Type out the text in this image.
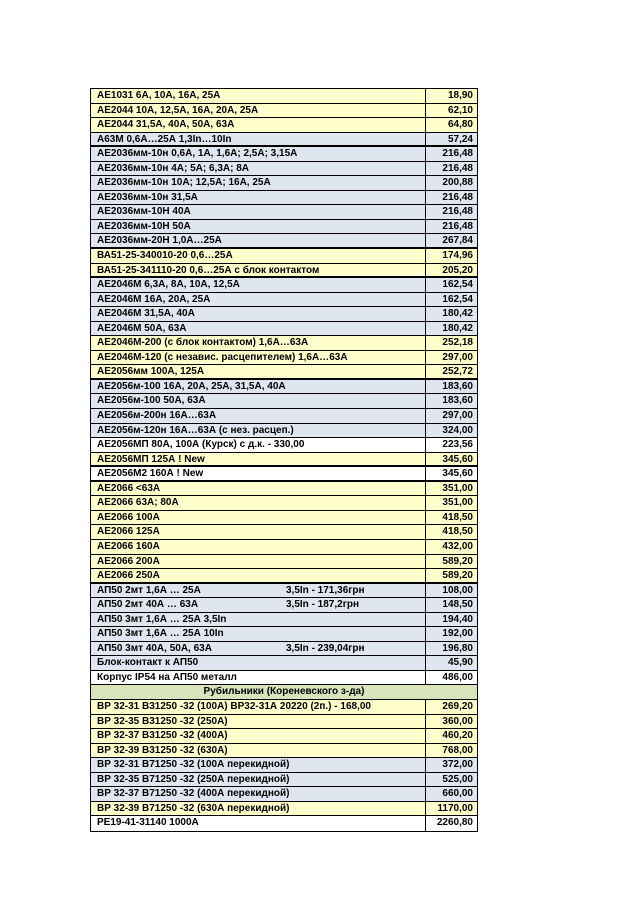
АЕ1031 6А, 10А, 16А, 25А	18,90
АЕ2044 10А, 12,5А, 16А, 20А, 25А	62,10
АЕ2044 31,5А, 40А, 50А, 63А	64,80
А63М 0,6А…25А 1,3In…10In	57,24
АЕ2036мм-10н 0,6А, 1А, 1,6А; 2,5А; 3,15А	216,48
АЕ2036мм-10н 4А; 5А; 6,3А; 8А	216,48
АЕ2036мм-10н 10А; 12,5А; 16А, 25А	200,88
АЕ2036мм-10н 31,5А	216,48
АЕ2036мм-10Н 40А	216,48
АЕ2036мм-10Н 50А	216,48
АЕ2036мм-20Н 1,0А…25А	267,84
ВА51-25-340010-20 0,6…25А	174,96
ВА51-25-341110-20 0,6…25А с блок контактом	205,20
АЕ2046М 6,3А, 8А, 10А, 12,5А	162,54
АЕ2046М 16А, 20А, 25А	162,54
АЕ2046М 31,5А, 40А	180,42
АЕ2046М 50А, 63А	180,42
АЕ2046М-200 (с блок контактом) 1,6А…63А	252,18
АЕ2046М-120 (с независ. расцепителем) 1,6А…63А	297,00
АЕ2056мм 100А, 125А	252,72
АЕ2056м-100 16А, 20А, 25А, 31,5А, 40А	183,60
АЕ2056м-100 50А, 63А	183,60
АЕ2056м-200н 16А…63А	297,00
АЕ2056м-120н 16А…63А (с нез. расцеп.)	324,00
АЕ2056МП 80А, 100А (Курск) с д.к. - 330,00	223,56
АЕ2056МП 125А ! New	345,60
АЕ2056М2 160А ! New	345,60
АЕ2066 <63А	351,00
АЕ2066 63А; 80А	351,00
АЕ2066 100А	418,50
АЕ2066 125А	418,50
АЕ2066 160А	432,00
АЕ2066 200А	589,20
АЕ2066 250А	589,20
АП50 2мт 1,6А … 25А	3,5In - 171,36грн	108,00
АП50 2мт 40А … 63А	3,5In - 187,2грн	148,50
АП50 3мт 1,6А … 25А 3,5In	194,40
АП50 3мт 1,6А … 25А 10In	192,00
АП50 3мт 40А, 50А, 63А	3,5In - 239,04грн	196,80
Блок-контакт к АП50	45,90
Корпус IP54 на АП50 металл	486,00
Рубильники (Кореневского з-да)
ВР 32-31 В31250 -32 (100А) ВР32-31А 20220 (2п.) - 168,00	269,20
ВР 32-35 В31250 -32 (250А)	360,00
ВР 32-37 В31250 -32 (400А)	460,20
ВР 32-39 В31250 -32 (630А)	768,00
ВР 32-31 В71250 -32 (100А перекидной)	372,00
ВР 32-35 В71250 -32 (250А перекидной)	525,00
ВР 32-37 В71250 -32 (400А перекидной)	660,00
ВР 32-39 В71250 -32 (630А перекидной)	1170,00
РЕ19-41-31140 1000А	2260,80
